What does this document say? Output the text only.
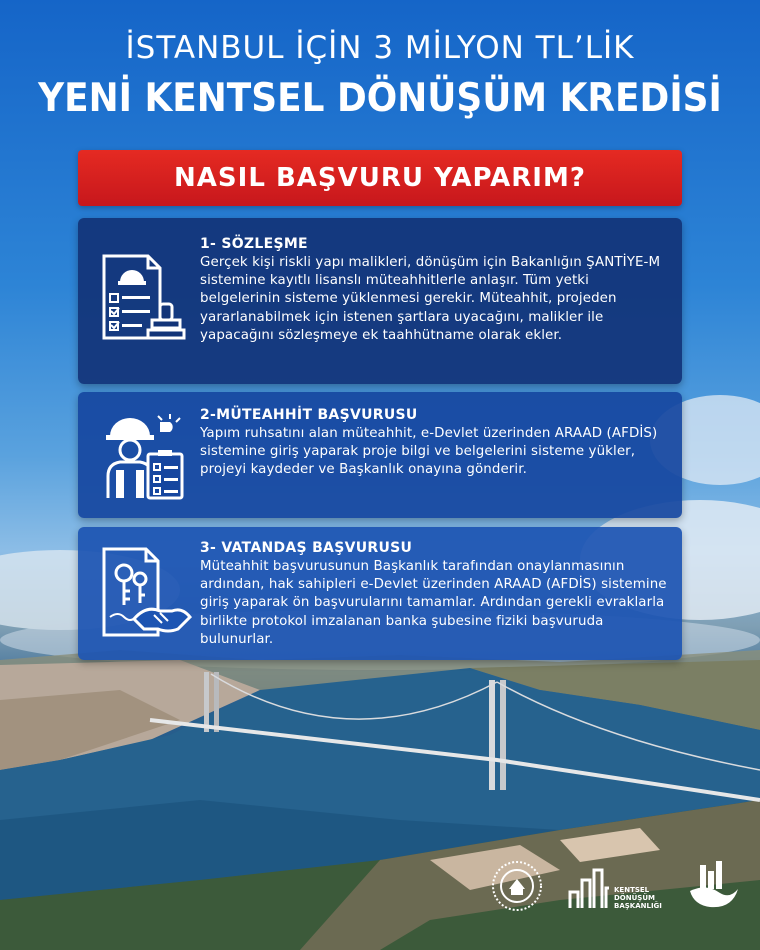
İSTANBUL İÇİN 3 MİLYON TL’LİK
YENİ KENTSEL DÖNÜŞÜM KREDİSİ
NASIL BAŞVURU YAPARIM?
1- SÖZLEŞME

Gerçek kişi riskli yapı malikleri, dönüşüm için Bakanlığın ŞANTİYE-M sistemine kayıtlı lisanslı müteahhitlerle anlaşır. Tüm yetki belgelerinin sisteme yüklenmesi gerekir. Müteahhit, projeden yararlanabilmek için istenen şartlara uyacağını, malikler ile yapacağını sözleşmeye ek taahhütname olarak ekler.

2-MÜTEAHHİT BAŞVURUSU

Yapım ruhsatını alan müteahhit, e-Devlet üzerinden ARAAD (AFDİS) sistemine giriş yaparak proje bilgi ve belgelerini sisteme yükler, projeyi kaydeder ve Başkanlık onayına gönderir.

3- VATANDAŞ BAŞVURUSU

Müteahhit başvurusunun Başkanlık tarafından onaylanmasının ardından, hak sahipleri e-Devlet üzerinden ARAAD (AFDİS) sistemine giriş yaparak ön başvurularını tamamlar. Ardından gerekli evraklarla birlikte protokol imzalanan banka şubesine fiziki başvuruda bulunurlar.

KENTSEL
DÖNÜŞÜM
BAŞKANLIĞI
